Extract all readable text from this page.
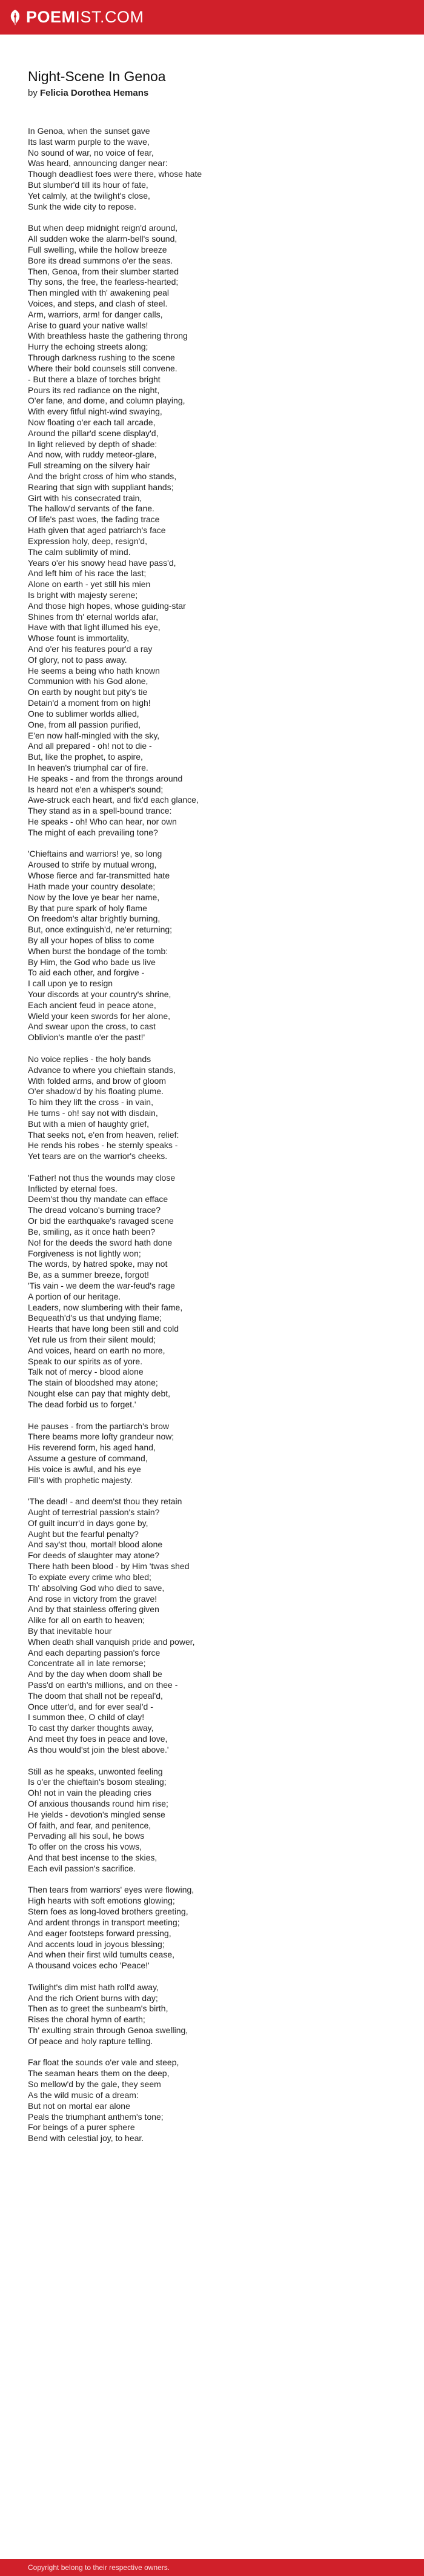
POEM IST.COM
Night-Scene In Genoa
by Felicia Dorothea Hemans

In Genoa, when the sunset gave
Its last warm purple to the wave,
No sound of war, no voice of fear,
Was heard, announcing danger near:
Though deadliest foes were there, whose hate
But slumber'd till its hour of fate,
Yet calmly, at the twilight's close,
Sunk the wide city to repose.

But when deep midnight reign'd around,
All sudden woke the alarm-bell's sound,
Full swelling, while the hollow breeze
Bore its dread summons o'er the seas.
Then, Genoa, from their slumber started
Thy sons, the free, the fearless-hearted;
Then mingled with th' awakening peal
Voices, and steps, and clash of steel.
Arm, warriors, arm! for danger calls,
Arise to guard your native walls!
With breathless haste the gathering throng
Hurry the echoing streets along;
Through darkness rushing to the scene
Where their bold counsels still convene.
- But there a blaze of torches bright
Pours its red radiance on the night,
O'er fane, and dome, and column playing,
With every fitful night-wind swaying,
Now floating o'er each tall arcade,
Around the pillar'd scene display'd,
In light relieved by depth of shade:
And now, with ruddy meteor-glare,
Full streaming on the silvery hair
And the bright cross of him who stands,
Rearing that sign with suppliant hands;
Girt with his consecrated train,
The hallow'd servants of the fane.
Of life's past woes, the fading trace
Hath given that aged patriarch's face
Expression holy, deep, resign'd,
The calm sublimity of mind.
Years o'er his snowy head have pass'd,
And left him of his race the last;
Alone on earth - yet still his mien
Is bright with majesty serene;
And those high hopes, whose guiding-star
Shines from th' eternal worlds afar,
Have with that light illumed his eye,
Whose fount is immortality,
And o'er his features pour'd a ray
Of glory, not to pass away.
He seems a being who hath known
Communion with his God alone,
On earth by nought but pity's tie
Detain'd a moment from on high!
One to sublimer worlds allied,
One, from all passion purified,
E'en now half-mingled with the sky,
And all prepared - oh! not to die -
But, like the prophet, to aspire,
In heaven's triumphal car of fire.
He speaks - and from the throngs around
Is heard not e'en a whisper's sound;
Awe-struck each heart, and fix'd each glance,
They stand as in a spell-bound trance:
He speaks - oh! Who can hear, nor own
The might of each prevailing tone?

'Chieftains and warriors! ye, so long
Aroused to strife by mutual wrong,
Whose fierce and far-transmitted hate
Hath made your country desolate;
Now by the love ye bear her name,
By that pure spark of holy flame
On freedom's altar brightly burning,
But, once extinguish'd, ne'er returning;
By all your hopes of bliss to come
When burst the bondage of the tomb:
By Him, the God who bade us live
To aid each other, and forgive -
I call upon ye to resign
Your discords at your country's shrine,
Each ancient feud in peace atone,
Wield your keen swords for her alone,
And swear upon the cross, to cast
Oblivion's mantle o'er the past!'

No voice replies - the holy bands
Advance to where you chieftain stands,
With folded arms, and brow of gloom
O'er shadow'd by his floating plume.
To him they lift the cross - in vain,
He turns - oh! say not with disdain,
But with a mien of haughty grief,
That seeks not, e'en from heaven, relief:
He rends his robes - he sternly speaks -
Yet tears are on the warrior's cheeks.

'Father! not thus the wounds may close
Inflicted by eternal foes.
Deem'st thou thy mandate can efface
The dread volcano's burning trace?
Or bid the earthquake's ravaged scene
Be, smiling, as it once hath been?
No! for the deeds the sword hath done
Forgiveness is not lightly won;
The words, by hatred spoke, may not
Be, as a summer breeze, forgot!
'Tis vain - we deem the war-feud's rage
A portion of our heritage.
Leaders, now slumbering with their fame,
Bequeath'd's us that undying flame;
Hearts that have long been still and cold
Yet rule us from their silent mould;
And voices, heard on earth no more,
Speak to our spirits as of yore.
Talk not of mercy - blood alone
The stain of bloodshed may atone;
Nought else can pay that mighty debt,
The dead forbid us to forget.'

He pauses - from the partiarch's brow
There beams more lofty grandeur now;
His reverend form, his aged hand,
Assume a gesture of command,
His voice is awful, and his eye
Fill's with prophetic majesty.

'The dead! - and deem'st thou they retain
Aught of terrestrial passion's stain?
Of guilt incurr'd in days gone by,
Aught but the fearful penalty?
And say'st thou, mortal! blood alone
For deeds of slaughter may atone?
There hath been blood - by Him 'twas shed
To expiate every crime who bled;
Th' absolving God who died to save,
And rose in victory from the grave!
And by that stainless offering given
Alike for all on earth to heaven;
By that inevitable hour
When death shall vanquish pride and power,
And each departing passion's force
Concentrate all in late remorse;
And by the day when doom shall be
Pass'd on earth's millions, and on thee -
The doom that shall not be repeal'd,
Once utter'd, and for ever seal'd -
I summon thee, O child of clay!
To cast thy darker thoughts away,
And meet thy foes in peace and love,
As thou would'st join the blest above.'

Still as he speaks, unwonted feeling
Is o'er the chieftain's bosom stealing;
Oh! not in vain the pleading cries
Of anxious thousands round him rise;
He yields - devotion's mingled sense
Of faith, and fear, and penitence,
Pervading all his soul, he bows
To offer on the cross his vows,
And that best incense to the skies,
Each evil passion's sacrifice.

Then tears from warriors' eyes were flowing,
High hearts with soft emotions glowing;
Stern foes as long-loved brothers greeting,
And ardent throngs in transport meeting;
And eager footsteps forward pressing,
And accents loud in joyous blessing;
And when their first wild tumults cease,
A thousand voices echo 'Peace!'

Twilight's dim mist hath roll'd away,
And the rich Orient burns with day;
Then as to greet the sunbeam's birth,
Rises the choral hymn of earth;
Th' exulting strain through Genoa swelling,
Of peace and holy rapture telling.

Far float the sounds o'er vale and steep,
The seaman hears them on the deep,
So mellow'd by the gale, they seem
As the wild music of a dream:
But not on mortal ear alone
Peals the triumphant anthem's tone;
For beings of a purer sphere
Bend with celestial joy, to hear.

Copyright belong to their respective owners.
